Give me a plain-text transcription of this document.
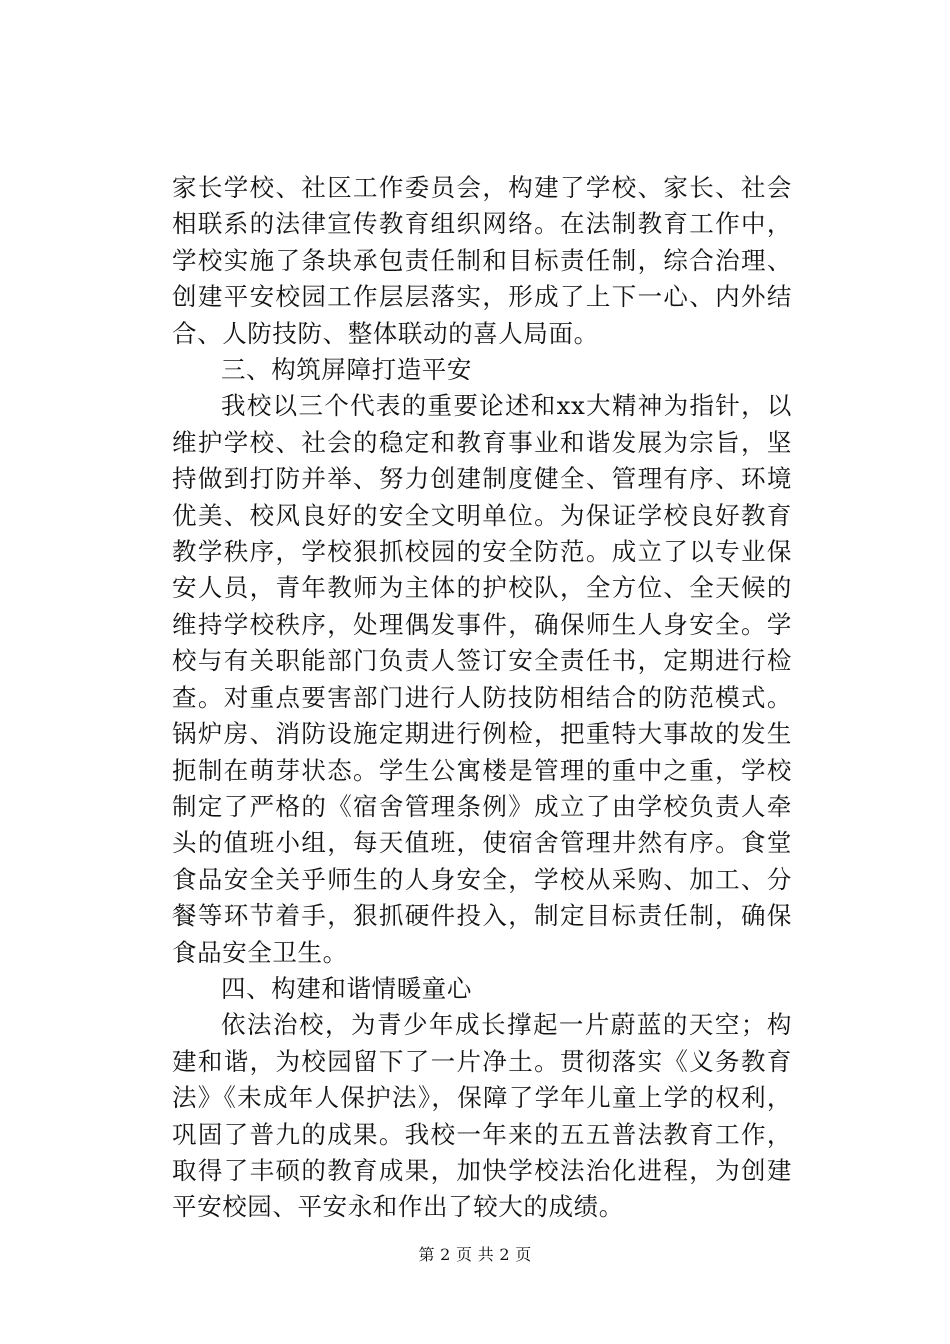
家长学校、社区工作委员会，构建了学校、家长、社会相联系的法律宣传教育组织网络。在法制教育工作中，学校实施了条块承包责任制和目标责任制，综合治理、创建平安校园工作层层落实，形成了上下一心、内外结合、人防技防、整体联动的喜人局面。

三、构筑屏障打造平安

我校以三个代表的重要论述和xx大精神为指针，以维护学校、社会的稳定和教育事业和谐发展为宗旨，坚持做到打防并举、努力创建制度健全、管理有序、环境优美、校风良好的安全文明单位。为保证学校良好教育教学秩序，学校狠抓校园的安全防范。成立了以专业保安人员，青年教师为主体的护校队，全方位、全天候的维持学校秩序，处理偶发事件，确保师生人身安全。学校与有关职能部门负责人签订安全责任书，定期进行检查。对重点要害部门进行人防技防相结合的防范模式。锅炉房、消防设施定期进行例检，把重特大事故的发生扼制在萌芽状态。学生公寓楼是管理的重中之重，学校制定了严格的《宿舍管理条例》成立了由学校负责人牵头的值班小组，每天值班，使宿舍管理井然有序。食堂食品安全关乎师生的人身安全，学校从采购、加工、分餐等环节着手，狠抓硬件投入，制定目标责任制，确保食品安全卫生。

四、构建和谐情暖童心

依法治校，为青少年成长撑起一片蔚蓝的天空；构建和谐，为校园留下了一片净土。贯彻落实《义务教育法》《未成年人保护法》，保障了学年儿童上学的权利，巩固了普九的成果。我校一年来的五五普法教育工作，取得了丰硕的教育成果，加快学校法治化进程，为创建平安校园、平安永和作出了较大的成绩。

第 2 页 共 2 页
